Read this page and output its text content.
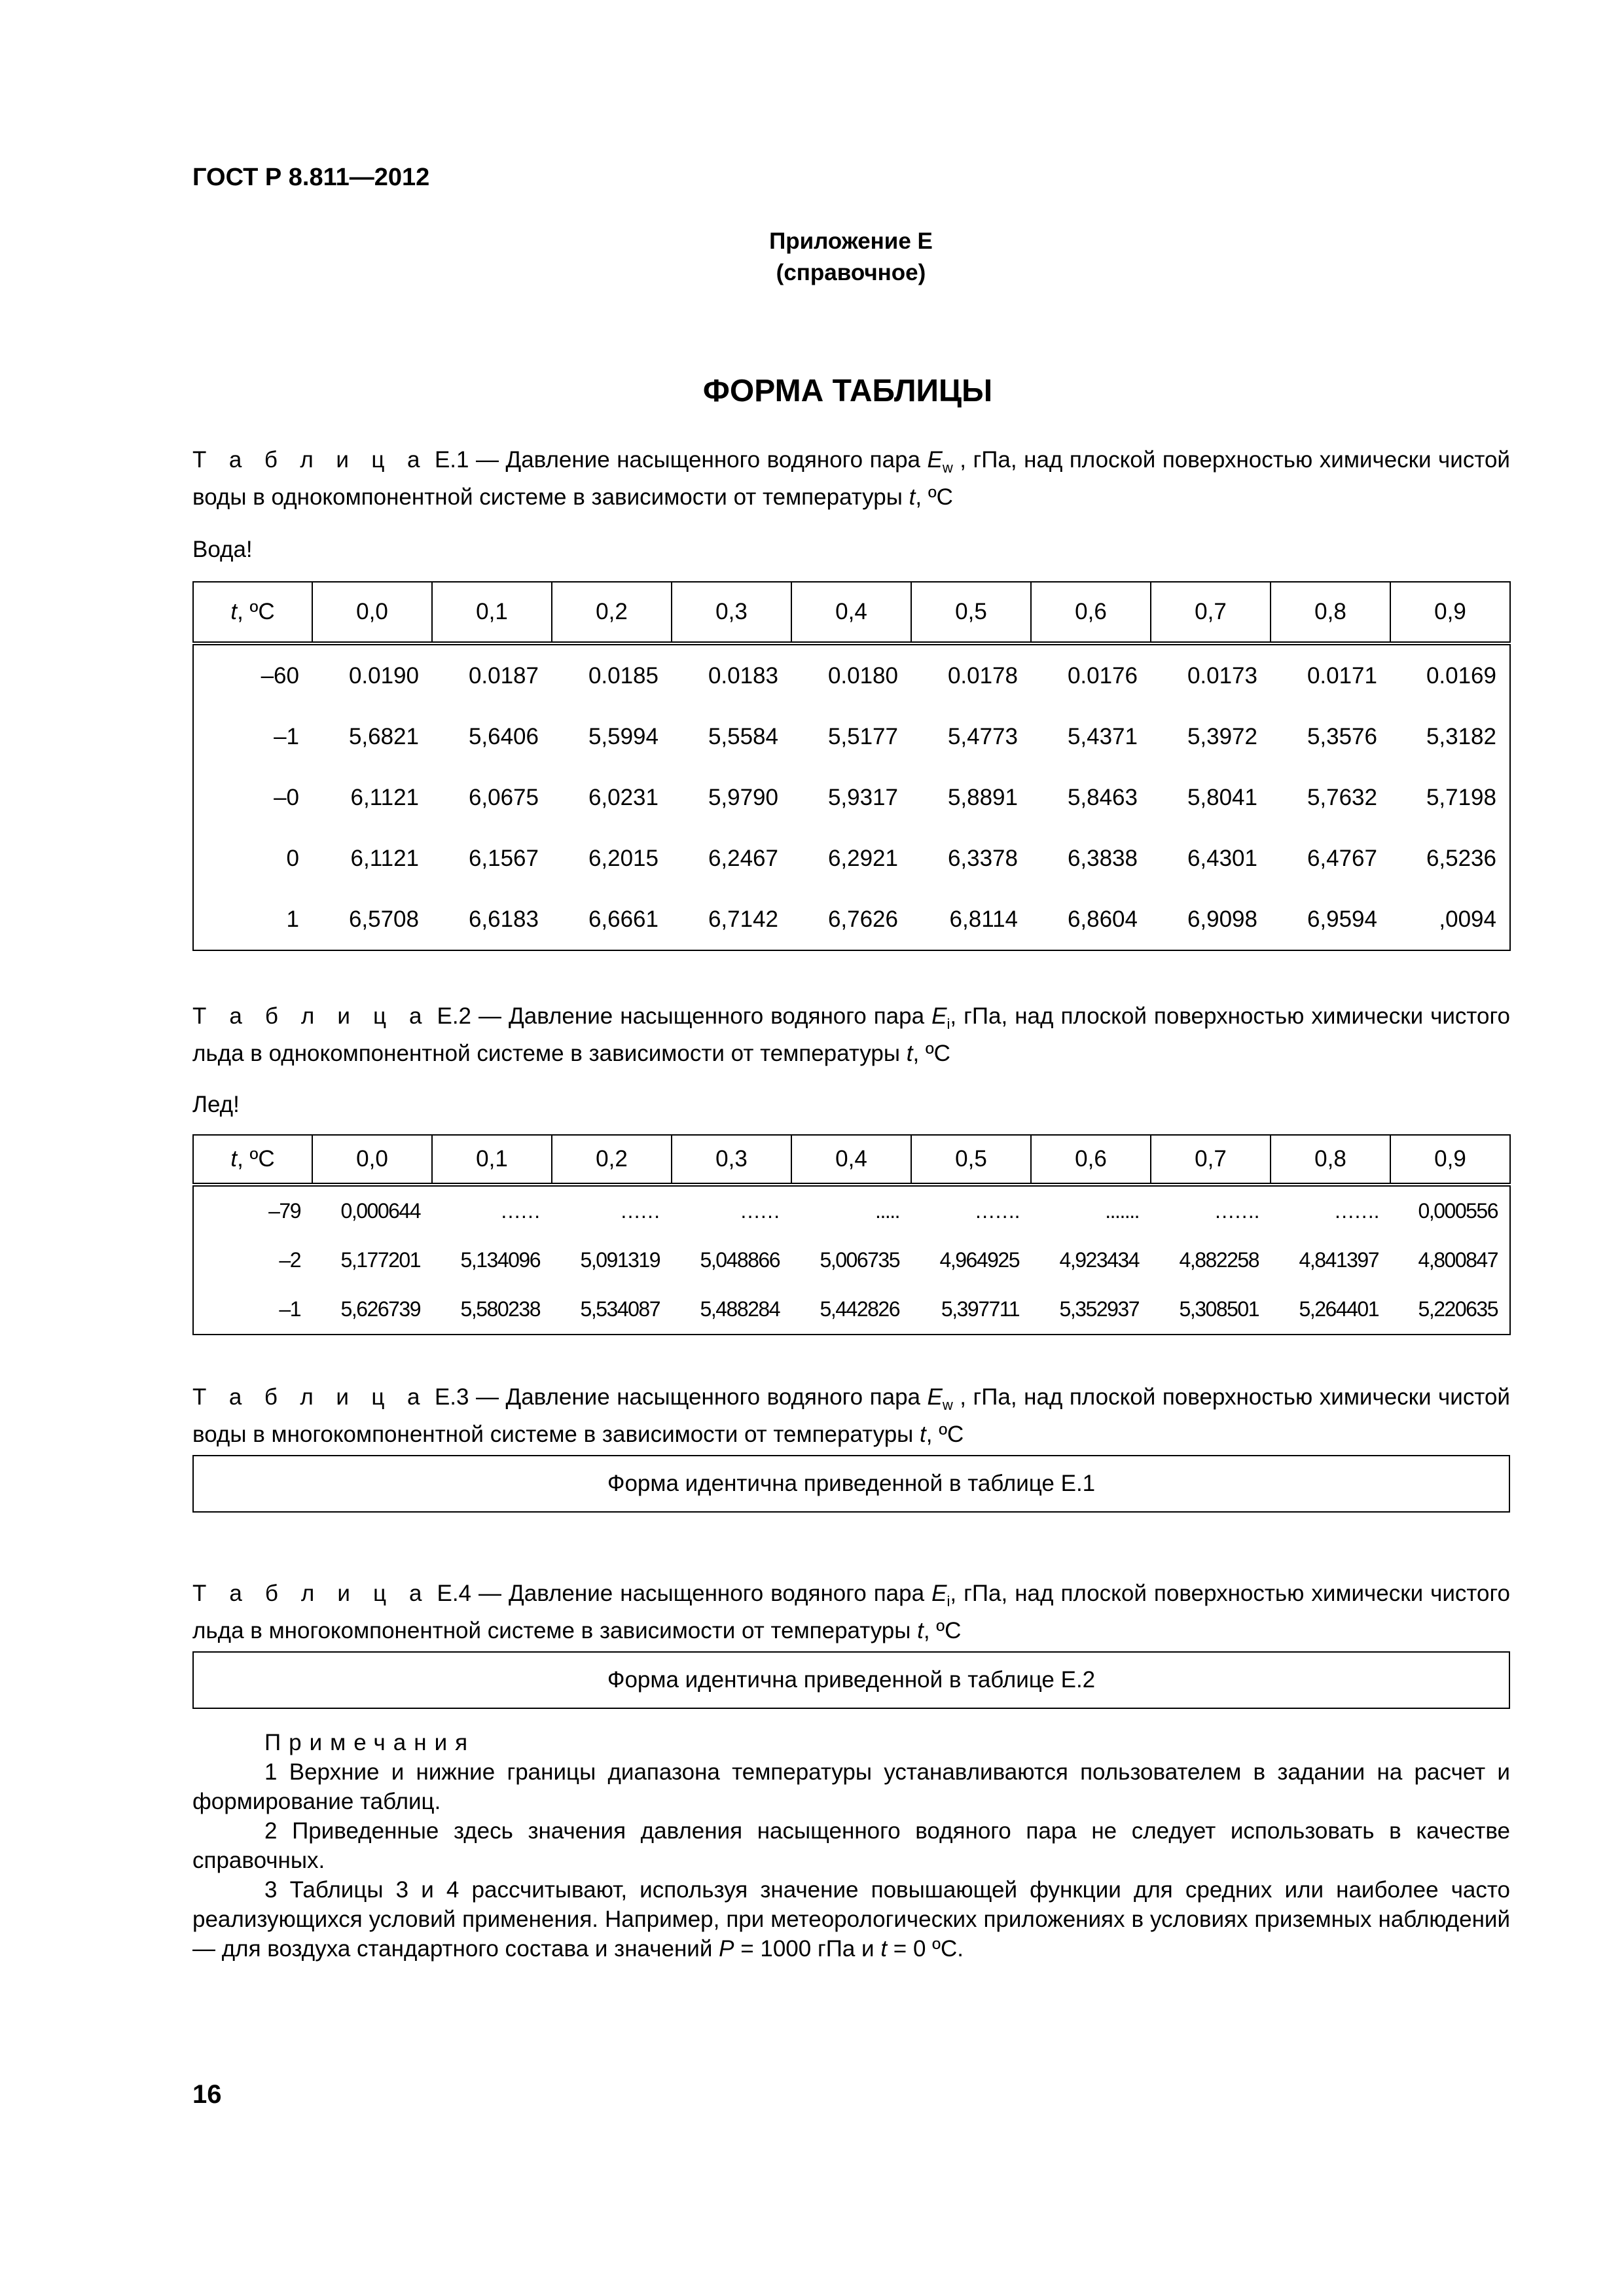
ГОСТ Р 8.811—2012
Приложение Е
(справочное)
ФОРМА ТАБЛИЦЫ
Т а б л и ц а Е.1 — Давление насыщенного водяного пара $E_w$ , гПа, над плоской поверхностью химически чистой воды в однокомпонентной системе в зависимости от температуры t, ºC
Вода!
t, ºC	0,0	0,1	0,2	0,3	0,4	0,5	0,6	0,7	0,8	0,9
–60	0.0190	0.0187	0.0185	0.0183	0.0180	0.0178	0.0176	0.0173	0.0171	0.0169
–1	5,6821	5,6406	5,5994	5,5584	5,5177	5,4773	5,4371	5,3972	5,3576	5,3182
–0	6,1121	6,0675	6,0231	5,9790	5,9317	5,8891	5,8463	5,8041	5,7632	5,7198
0	6,1121	6,1567	6,2015	6,2467	6,2921	6,3378	6,3838	6,4301	6,4767	6,5236
1	6,5708	6,6183	6,6661	6,7142	6,7626	6,8114	6,8604	6,9098	6,9594	,0094
Т а б л и ц а Е.2 — Давление насыщенного водяного пара $E_i$, гПа, над плоской поверхностью химически чистого льда в однокомпонентной системе в зависимости от температуры t, ºC
Лед!
t, ºC	0,0	0,1	0,2	0,3	0,4	0,5	0,6	0,7	0,8	0,9
–79	0,000644	……	……	……	.....	…….	.......	…….	…….	0,000556
–2	5,177201	5,134096	5,091319	5,048866	5,006735	4,964925	4,923434	4,882258	4,841397	4,800847
–1	5,626739	5,580238	5,534087	5,488284	5,442826	5,397711	5,352937	5,308501	5,264401	5,220635
Т а б л и ц а Е.3 — Давление насыщенного водяного пара $E_w$ , гПа, над плоской поверхностью химически чистой воды в многокомпонентной системе в зависимости от температуры t, ºC
Форма идентична приведенной в таблице Е.1
Т а б л и ц а Е.4 — Давление насыщенного водяного пара $E_i$, гПа, над плоской поверхностью химически чистого льда в многокомпонентной системе в зависимости от температуры t, ºC
Форма идентична приведенной в таблице Е.2

Примечания

1 Верхние и нижние границы диапазона температуры устанавливаются пользователем в задании на расчет и формирование таблиц.

2 Приведенные здесь значения давления насыщенного водяного пара не следует использовать в качестве справочных.

3 Таблицы 3 и 4 рассчитывают, используя значение повышающей функции для средних или наиболее часто реализующихся условий применения. Например, при метеорологических приложениях в условиях приземных наблюдений — для воздуха стандартного состава и значений P = 1000 гПа и t = 0 ºС.

16
